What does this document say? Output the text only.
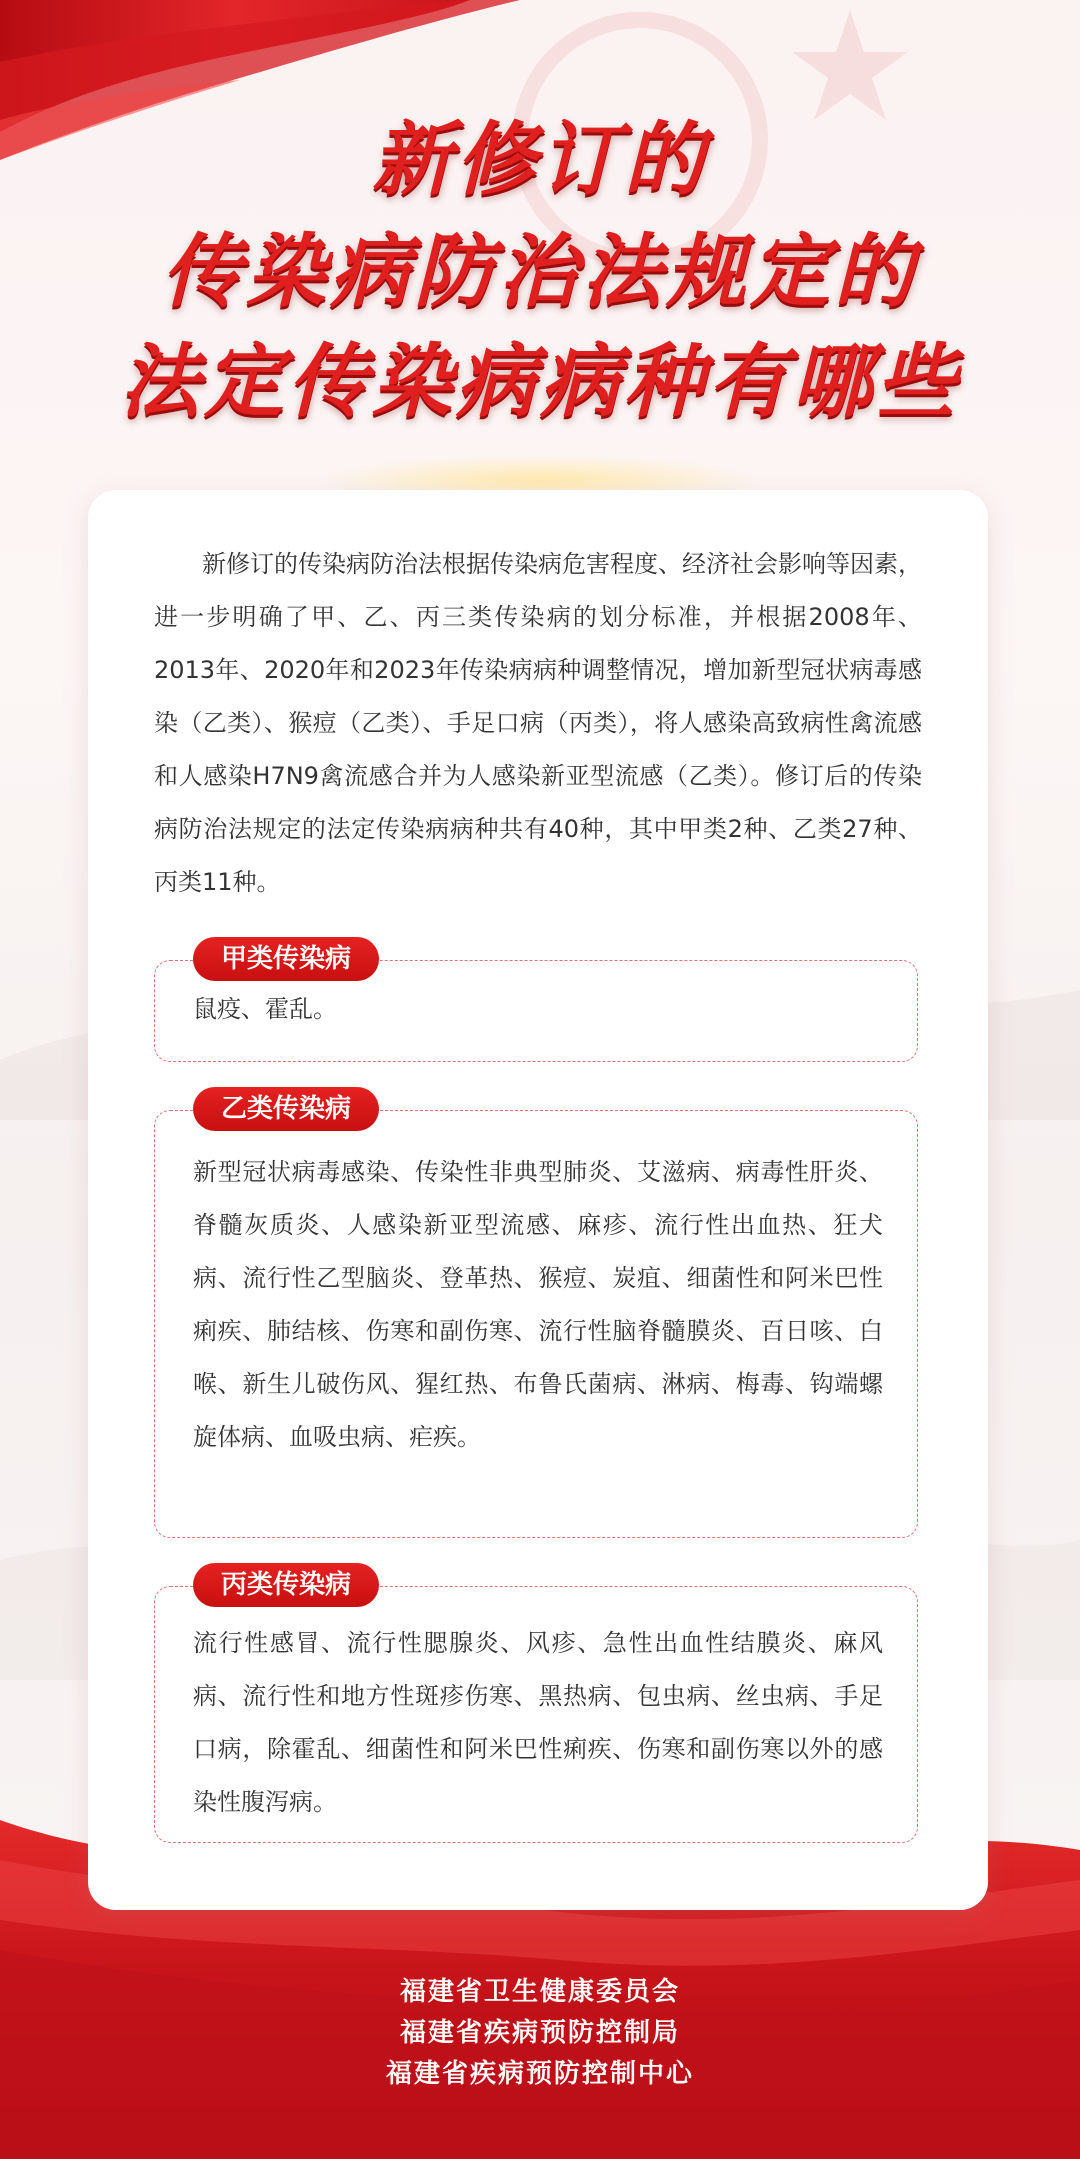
新修订的
传染病防治法规定的
法定传染病病种有哪些

新修订的传染病防治法根据传染病危害程度、经济社会影响等因素，进一步明确了甲、乙、丙三类传染病的划分标准，并根据2008年、2013年、2020年和2023年传染病病种调整情况，增加新型冠状病毒感染（乙类）、猴痘（乙类）、手足口病（丙类），将人感染高致病性禽流感和人感染H7N9禽流感合并为人感染新亚型流感（乙类）。修订后的传染病防治法规定的法定传染病病种共有40种，其中甲类2种、乙类27种、丙类11种。

甲类传染病

鼠疫、霍乱。

乙类传染病

新型冠状病毒感染、传染性非典型肺炎、艾滋病、病毒性肝炎、脊髓灰质炎、人感染新亚型流感、麻疹、流行性出血热、狂犬病、流行性乙型脑炎、登革热、猴痘、炭疽、细菌性和阿米巴性痢疾、肺结核、伤寒和副伤寒、流行性脑脊髓膜炎、百日咳、白喉、新生儿破伤风、猩红热、布鲁氏菌病、淋病、梅毒、钩端螺旋体病、血吸虫病、疟疾。

丙类传染病

流行性感冒、流行性腮腺炎、风疹、急性出血性结膜炎、麻风病、流行性和地方性斑疹伤寒、黑热病、包虫病、丝虫病、手足口病，除霍乱、细菌性和阿米巴性痢疾、伤寒和副伤寒以外的感染性腹泻病。

福建省卫生健康委员会
福建省疾病预防控制局
福建省疾病预防控制中心
